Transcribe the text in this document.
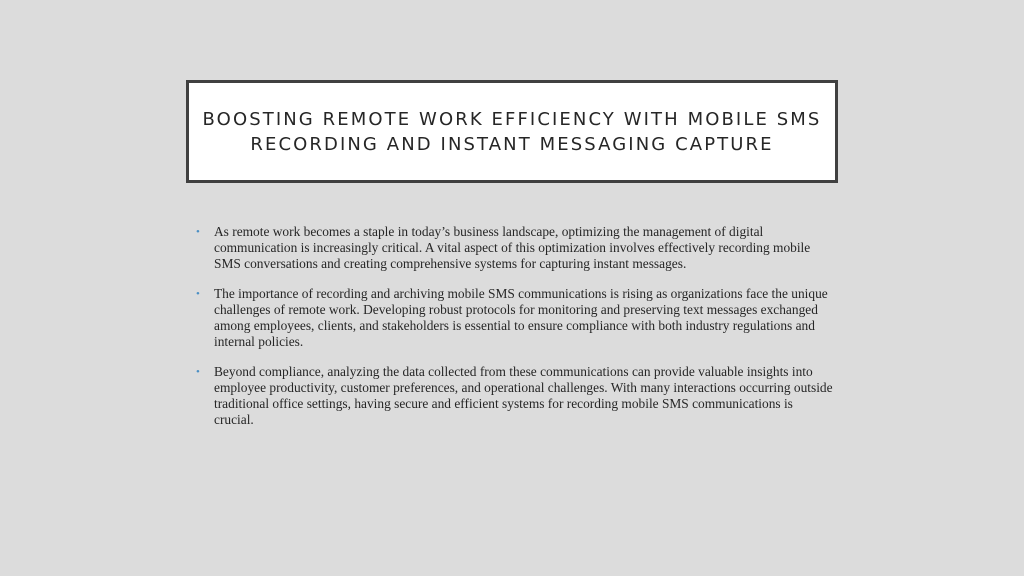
BOOSTING REMOTE WORK EFFICIENCY WITH MOBILE SMS RECORDING AND INSTANT MESSAGING CAPTURE
•	As remote work becomes a staple in today’s business landscape, optimizing the management of digital communication is increasingly critical. A vital aspect of this optimization involves effectively recording mobile SMS conversations and creating comprehensive systems for capturing instant messages.
•	The importance of recording and archiving mobile SMS communications is rising as organizations face the unique challenges of remote work. Developing robust protocols for monitoring and preserving text messages exchanged among employees, clients, and stakeholders is essential to ensure compliance with both industry regulations and internal policies.
•	Beyond compliance, analyzing the data collected from these communications can provide valuable insights into employee productivity, customer preferences, and operational challenges. With many interactions occurring outside traditional office settings, having secure and efficient systems for recording mobile SMS communications is crucial.
